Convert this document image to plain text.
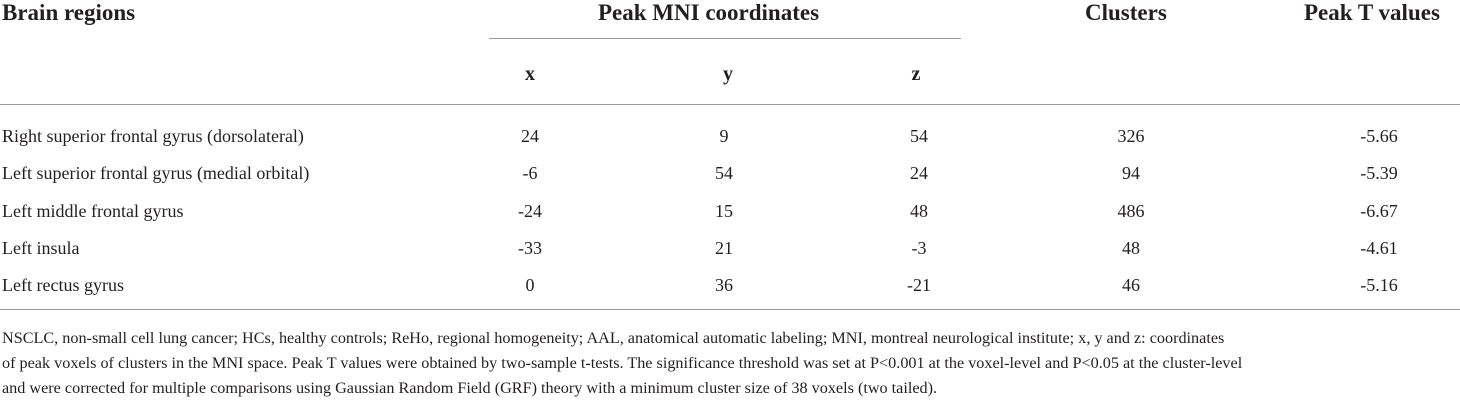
Brain regions	Peak MNI coordinates	Clusters	Peak T values
x	y	z
Right superior frontal gyrus (dorsolateral)	24	9	54	326	-5.66
Left superior frontal gyrus (medial orbital)	-6	54	24	94	-5.39
Left middle frontal gyrus	-24	15	48	486	-6.67
Left insula	-33	21	-3	48	-4.61
Left rectus gyrus	0	36	-21	46	-5.16

NSCLC, non-small cell lung cancer; HCs, healthy controls; ReHo, regional homogeneity; AAL, anatomical automatic labeling; MNI, montreal neurological institute; x, y and z: coordinates

of peak voxels of clusters in the MNI space. Peak T values were obtained by two-sample t-tests. The significance threshold was set at P<0.001 at the voxel-level and P<0.05 at the cluster-level

and were corrected for multiple comparisons using Gaussian Random Field (GRF) theory with a minimum cluster size of 38 voxels (two tailed).
